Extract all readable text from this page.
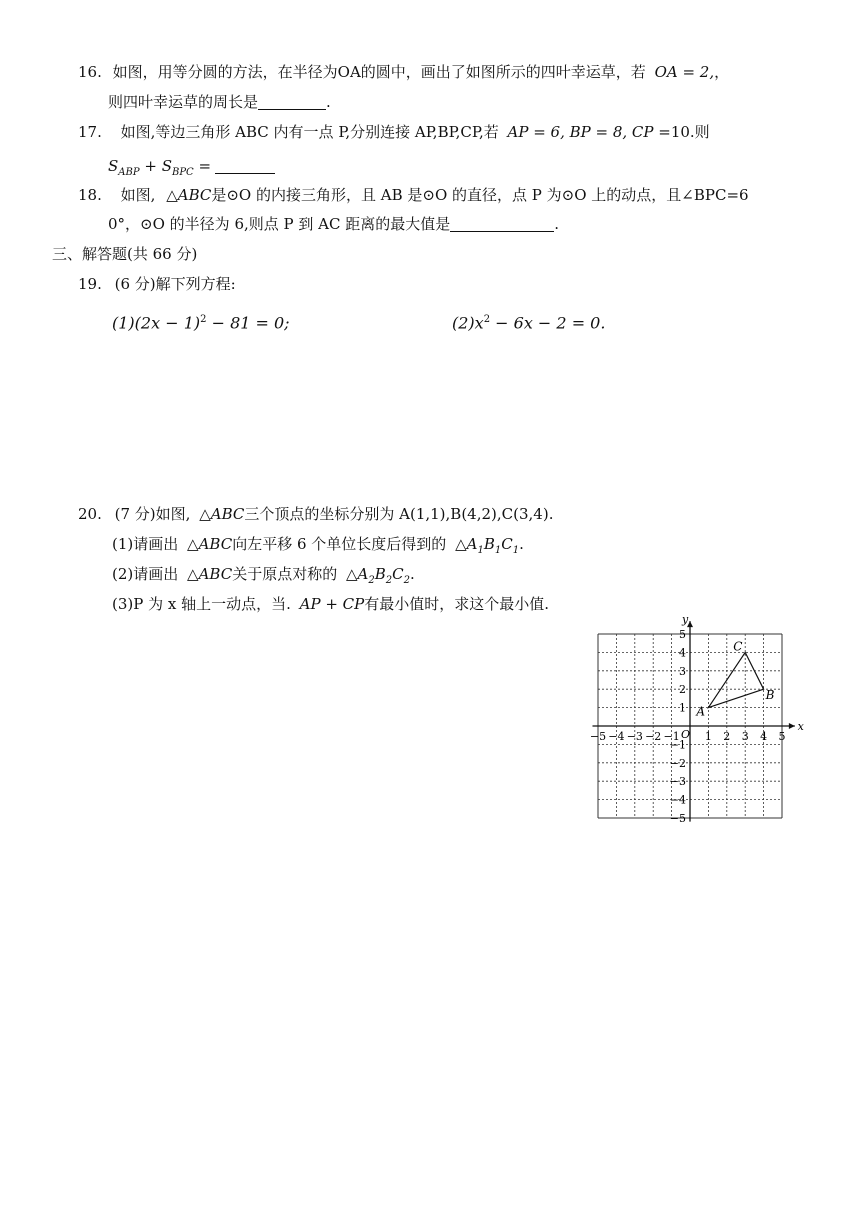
16. 如图，用等分圆的方法，在半径为OA的圆中，画出了如图所示的四叶幸运草，若 OA = 2,，
则四叶幸运草的周长是	.
17. 如图,等边三角形 ABC 内有一点 P,分别连接 AP,BP,CP,若 AP = 6, BP = 8, CP =10.则
$S_{ABP} + S_{BPC}$ =
18. 如图, △ABC是⊙O 的内接三角形，且 AB 是⊙O 的直径，点 P 为⊙O 上的动点，且∠BPC=6
0°，⊙O 的半径为 6,则点 P 到 AC 距离的最大值是	.
三、解答题(共 66 分)
19. (6 分)解下列方程:
$(1)(2x - 1)^2 - 81 = 0$;	$(2)x^2 - 6x - 2 = 0$.
20. (7 分)如图, △ABC三个顶点的坐标分别为 A(1,1),B(4,2),C(3,4).
(1)请画出 △ABC向左平移 6 个单位长度后得到的 $\triangle A_1B_1C_1$.
(2)请画出 △ABC关于原点对称的 $\triangle A_2B_2C_2$.
(3)P 为 x 轴上一动点，当. AP + CP有最小值时，求这个最小值.
x
y
O
−5 −4 −3 −2 −1 1 2 3 4 5
5
4
3
2
1
−1
−2
−3
−4
−5
A
B
C
